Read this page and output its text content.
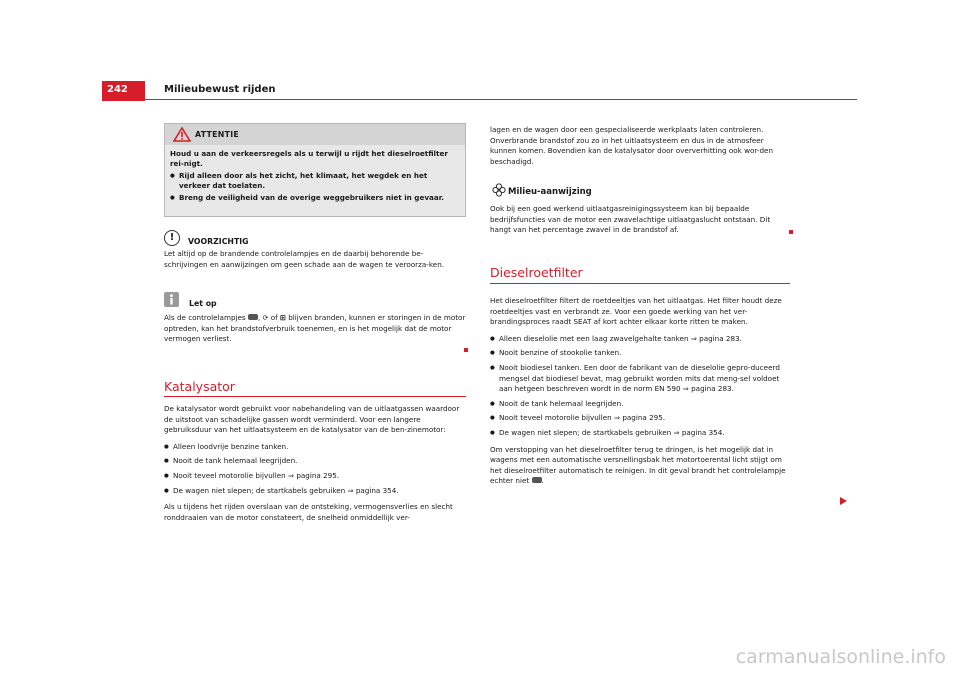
242	Milieubewust rijden
ATTENTIE

Houd u aan de verkeersregels als u terwijl u rijdt het dieselroetfilter rei-nigt.

● Rijd alleen door als het zicht, het klimaat, het wegdek en het verkeer dat toelaten.

● Breng de veiligheid van de overige weggebruikers niet in gevaar.

!	VOORZICHTIG

Let altijd op de brandende controlelampjes en de daarbij behorende be-schrijvingen en aanwijzingen om geen schade aan de wagen te veroorza-ken.

Let op

Als de controlelampjes , ⟳ of ⊞ blijven branden, kunnen er storingen in de motor optreden, kan het brandstofverbruik toenemen, en is het mogelijk dat de motor vermogen verliest.

Katalysator

De katalysator wordt gebruikt voor nabehandeling van de uitlaatgassen waardoor de uitstoot van schadelijke gassen wordt verminderd. Voor een langere gebruiksduur van het uitlaatsysteem en de katalysator van de ben-zinemotor:

● Alleen loodvrije benzine tanken.

● Nooit de tank helemaal leegrijden.

● Nooit teveel motorolie bijvullen ⇒ pagina 295.

● De wagen niet slepen; de startkabels gebruiken ⇒ pagina 354.

Als u tijdens het rijden overslaan van de ontsteking, vermogensverlies en slecht ronddraaien van de motor constateert, de snelheid onmiddellijk ver-

lagen en de wagen door een gespecialiseerde werkplaats laten controleren. Onverbrande brandstof zou zo in het uitlaatsysteem en dus in de atmosfeer kunnen komen. Bovendien kan de katalysator door oververhitting ook wor-den beschadigd.

Milieu-aanwijzing

Ook bij een goed werkend uitlaatgasreinigingssysteem kan bij bepaalde bedrijfsfuncties van de motor een zwavelachtige uitlaatgaslucht ontstaan. Dit hangt van het percentage zwavel in de brandstof af.

Dieselroetfilter

Het dieselroetfilter filtert de roetdeeltjes van het uitlaatgas. Het filter houdt deze roetdeeltjes vast en verbrandt ze. Voor een goede werking van het ver-brandingsproces raadt SEAT af kort achter elkaar korte ritten te maken.

● Alleen dieselolie met een laag zwavelgehalte tanken ⇒ pagina 283.

● Nooit benzine of stookolie tanken.

● Nooit biodiesel tanken. Een door de fabrikant van de dieselolie gepro-duceerd mengsel dat biodiesel bevat, mag gebruikt worden mits dat meng-sel voldoet aan hetgeen beschreven wordt in de norm EN 590 ⇒ pagina 283.

● Nooit de tank helemaal leegrijden.

● Nooit teveel motorolie bijvullen ⇒ pagina 295.

● De wagen niet slepen; de startkabels gebruiken ⇒ pagina 354.

Om verstopping van het dieselroetfilter terug te dringen, is het mogelijk dat in wagens met een automatische versnellingsbak het motortoerental licht stijgt om het dieselroetfilter automatisch te reinigen. In dit geval brandt het controlelampje echter niet .

carmanualsonline.info
